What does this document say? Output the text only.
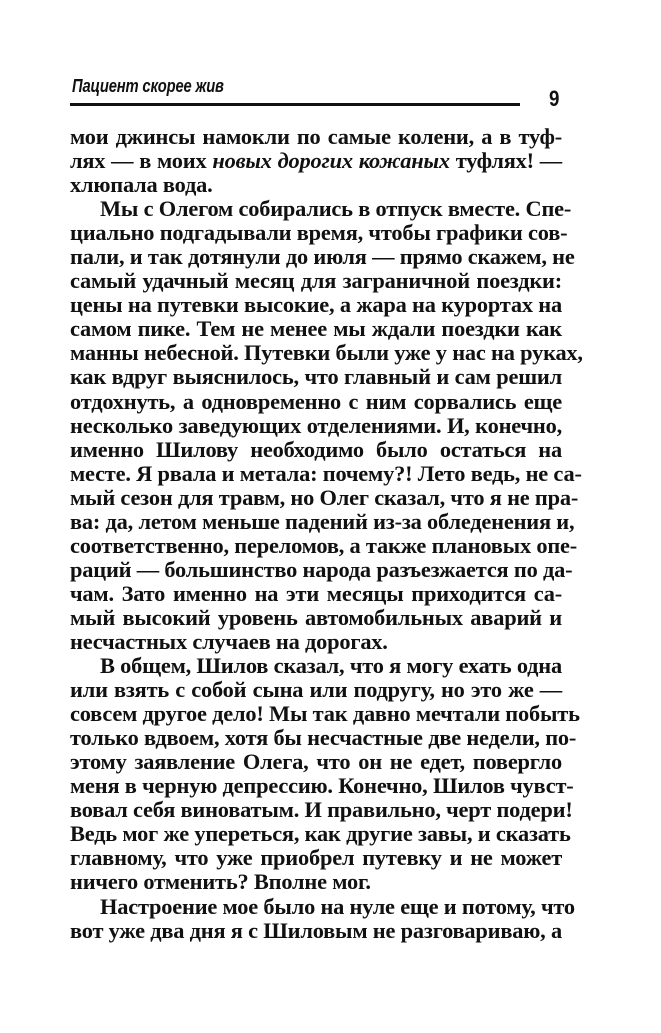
Пациент скорее жив	9
мои джинсы намокли по самые колени, а в туф-
лях — в моих новых дорогих кожаных туфлях! —
хлюпала вода.
Мы с Олегом собирались в отпуск вместе. Спе-
циально подгадывали время, чтобы графики сов-
пали, и так дотянули до июля — прямо скажем, не
самый удачный месяц для заграничной поездки:
цены на путевки высокие, а жара на курортах на
самом пике. Тем не менее мы ждали поездки как
манны небесной. Путевки были уже у нас на руках,
как вдруг выяснилось, что главный и сам решил
отдохнуть, а одновременно с ним сорвались еще
несколько заведующих отделениями. И, конечно,
именно Шилову необходимо было остаться на
месте. Я рвала и метала: почему?! Лето ведь, не са-
мый сезон для травм, но Олег сказал, что я не пра-
ва: да, летом меньше падений из-за обледенения и,
соответственно, переломов, а также плановых опе-
раций — большинство народа разъезжается по да-
чам. Зато именно на эти месяцы приходится са-
мый высокий уровень автомобильных аварий и
несчастных случаев на дорогах.
В общем, Шилов сказал, что я могу ехать одна
или взять с собой сына или подругу, но это же —
совсем другое дело! Мы так давно мечтали побыть
только вдвоем, хотя бы несчастные две недели, по-
этому заявление Олега, что он не едет, повергло
меня в черную депрессию. Конечно, Шилов чувст-
вовал себя виноватым. И правильно, черт подери!
Ведь мог же упереться, как другие завы, и сказать
главному, что уже приобрел путевку и не может
ничего отменить? Вполне мог.
Настроение мое было на нуле еще и потому, что
вот уже два дня я с Шиловым не разговариваю, а
